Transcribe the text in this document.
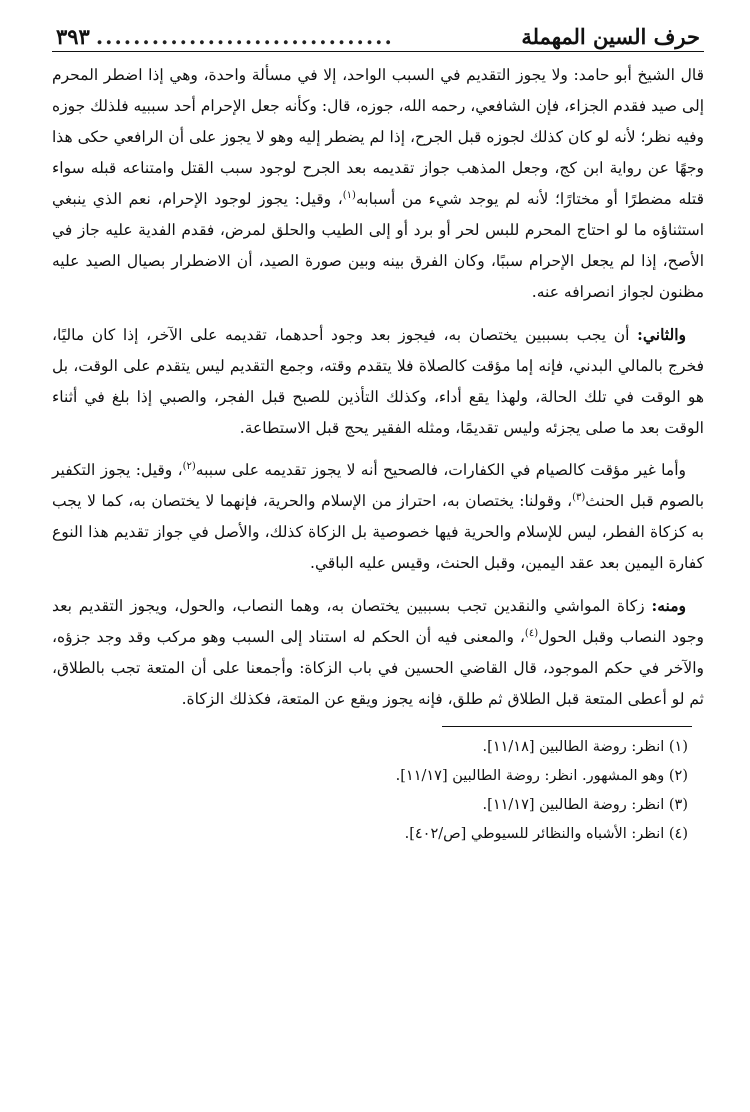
حرف السين المهملة
................................
٣٩٣

قال الشيخ أبو حامد: ولا يجوز التقديم في السبب الواحد، إلا في مسألة واحدة، وهي إذا اضطر المحرم إلى صيد فقدم الجزاء، فإن الشافعي، رحمه الله، جوزه، قال: وكأنه جعل الإحرام أحد سببيه فلذلك جوزه وفيه نظر؛ لأنه لو كان كذلك لجوزه قبل الجرح، إذا لم يضطر إليه وهو لا يجوز على أن الرافعي حكى هذا وجهًا عن رواية ابن كج، وجعل المذهب جواز تقديمه بعد الجرح لوجود سبب القتل وامتناعه قبله سواء قتله مضطرًا أو مختارًا؛ لأنه لم يوجد شيء من أسبابه$^{(١)}$، وقيل: يجوز لوجود الإحرام، نعم الذي ينبغي استثناؤه ما لو احتاج المحرم للبس لحر أو برد أو إلى الطيب والحلق لمرض، فقدم الفدية عليه جاز في الأصح، إذا لم يجعل الإحرام سببًا، وكان الفرق بينه وبين صورة الصيد، أن الاضطرار بصيال الصيد عليه مظنون لجواز انصرافه عنه.

والثاني: أن يجب بسببين يختصان به، فيجوز بعد وجود أحدهما، تقديمه على الآخر، إذا كان ماليًا، فخرج بالمالي البدني، فإنه إما مؤقت كالصلاة فلا يتقدم وقته، وجمع التقديم ليس يتقدم على الوقت، بل هو الوقت في تلك الحالة، ولهذا يقع أداء، وكذلك التأذين للصبح قبل الفجر، والصبي إذا بلغ في أثناء الوقت بعد ما صلى يجزئه وليس تقديمًا، ومثله الفقير يحج قبل الاستطاعة.

وأما غير مؤقت كالصيام في الكفارات، فالصحيح أنه لا يجوز تقديمه على سببه$^{(٢)}$، وقيل: يجوز التكفير بالصوم قبل الحنث$^{(٣)}$، وقولنا: يختصان به، احتراز من الإسلام والحرية، فإنهما لا يختصان به، كما لا يجب به كزكاة الفطر، ليس للإسلام والحرية فيها خصوصية بل الزكاة كذلك، والأصل في جواز تقديم هذا النوع كفارة اليمين بعد عقد اليمين، وقبل الحنث، وقيس عليه الباقي.

ومنه: زكاة المواشي والنقدين تجب بسببين يختصان به، وهما النصاب، والحول، ويجوز التقديم بعد وجود النصاب وقبل الحول$^{(٤)}$، والمعنى فيه أن الحكم له استناد إلى السبب وهو مركب وقد وجد جزؤه، والآخر في حكم الموجود، قال القاضي الحسين في باب الزكاة: وأجمعنا على أن المتعة تجب بالطلاق، ثم لو أعطى المتعة قبل الطلاق ثم طلق، فإنه يجوز ويقع عن المتعة، فكذلك الزكاة.

(١) انظر: روضة الطالبين [١١/١٨].
(٢) وهو المشهور. انظر: روضة الطالبين [١١/١٧].
(٣) انظر: روضة الطالبين [١١/١٧].
(٤) انظر: الأشباه والنظائر للسيوطي [ص/٤٠٢].
